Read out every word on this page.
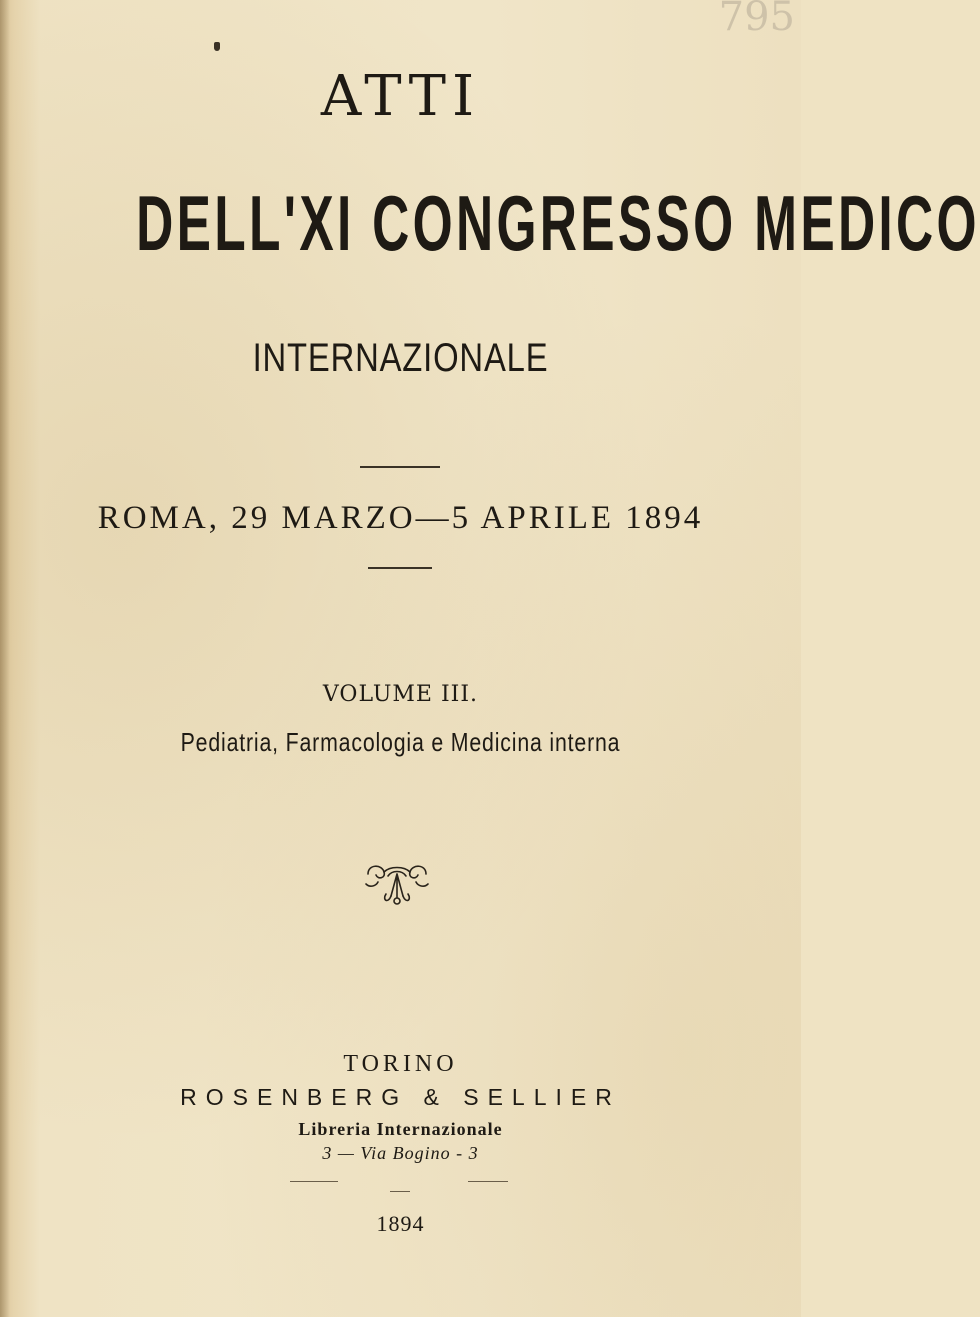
795
ATTI
DELL'XI CONGRESSO MEDICO
INTERNAZIONALE
ROMA, 29 MARZO—5 APRILE 1894
VOLUME III.
Pediatria, Farmacologia e Medicina interna
TORINO
ROSENBERG & SELLIER
Libreria Internazionale
3 — Via Bogino - 3
1894
